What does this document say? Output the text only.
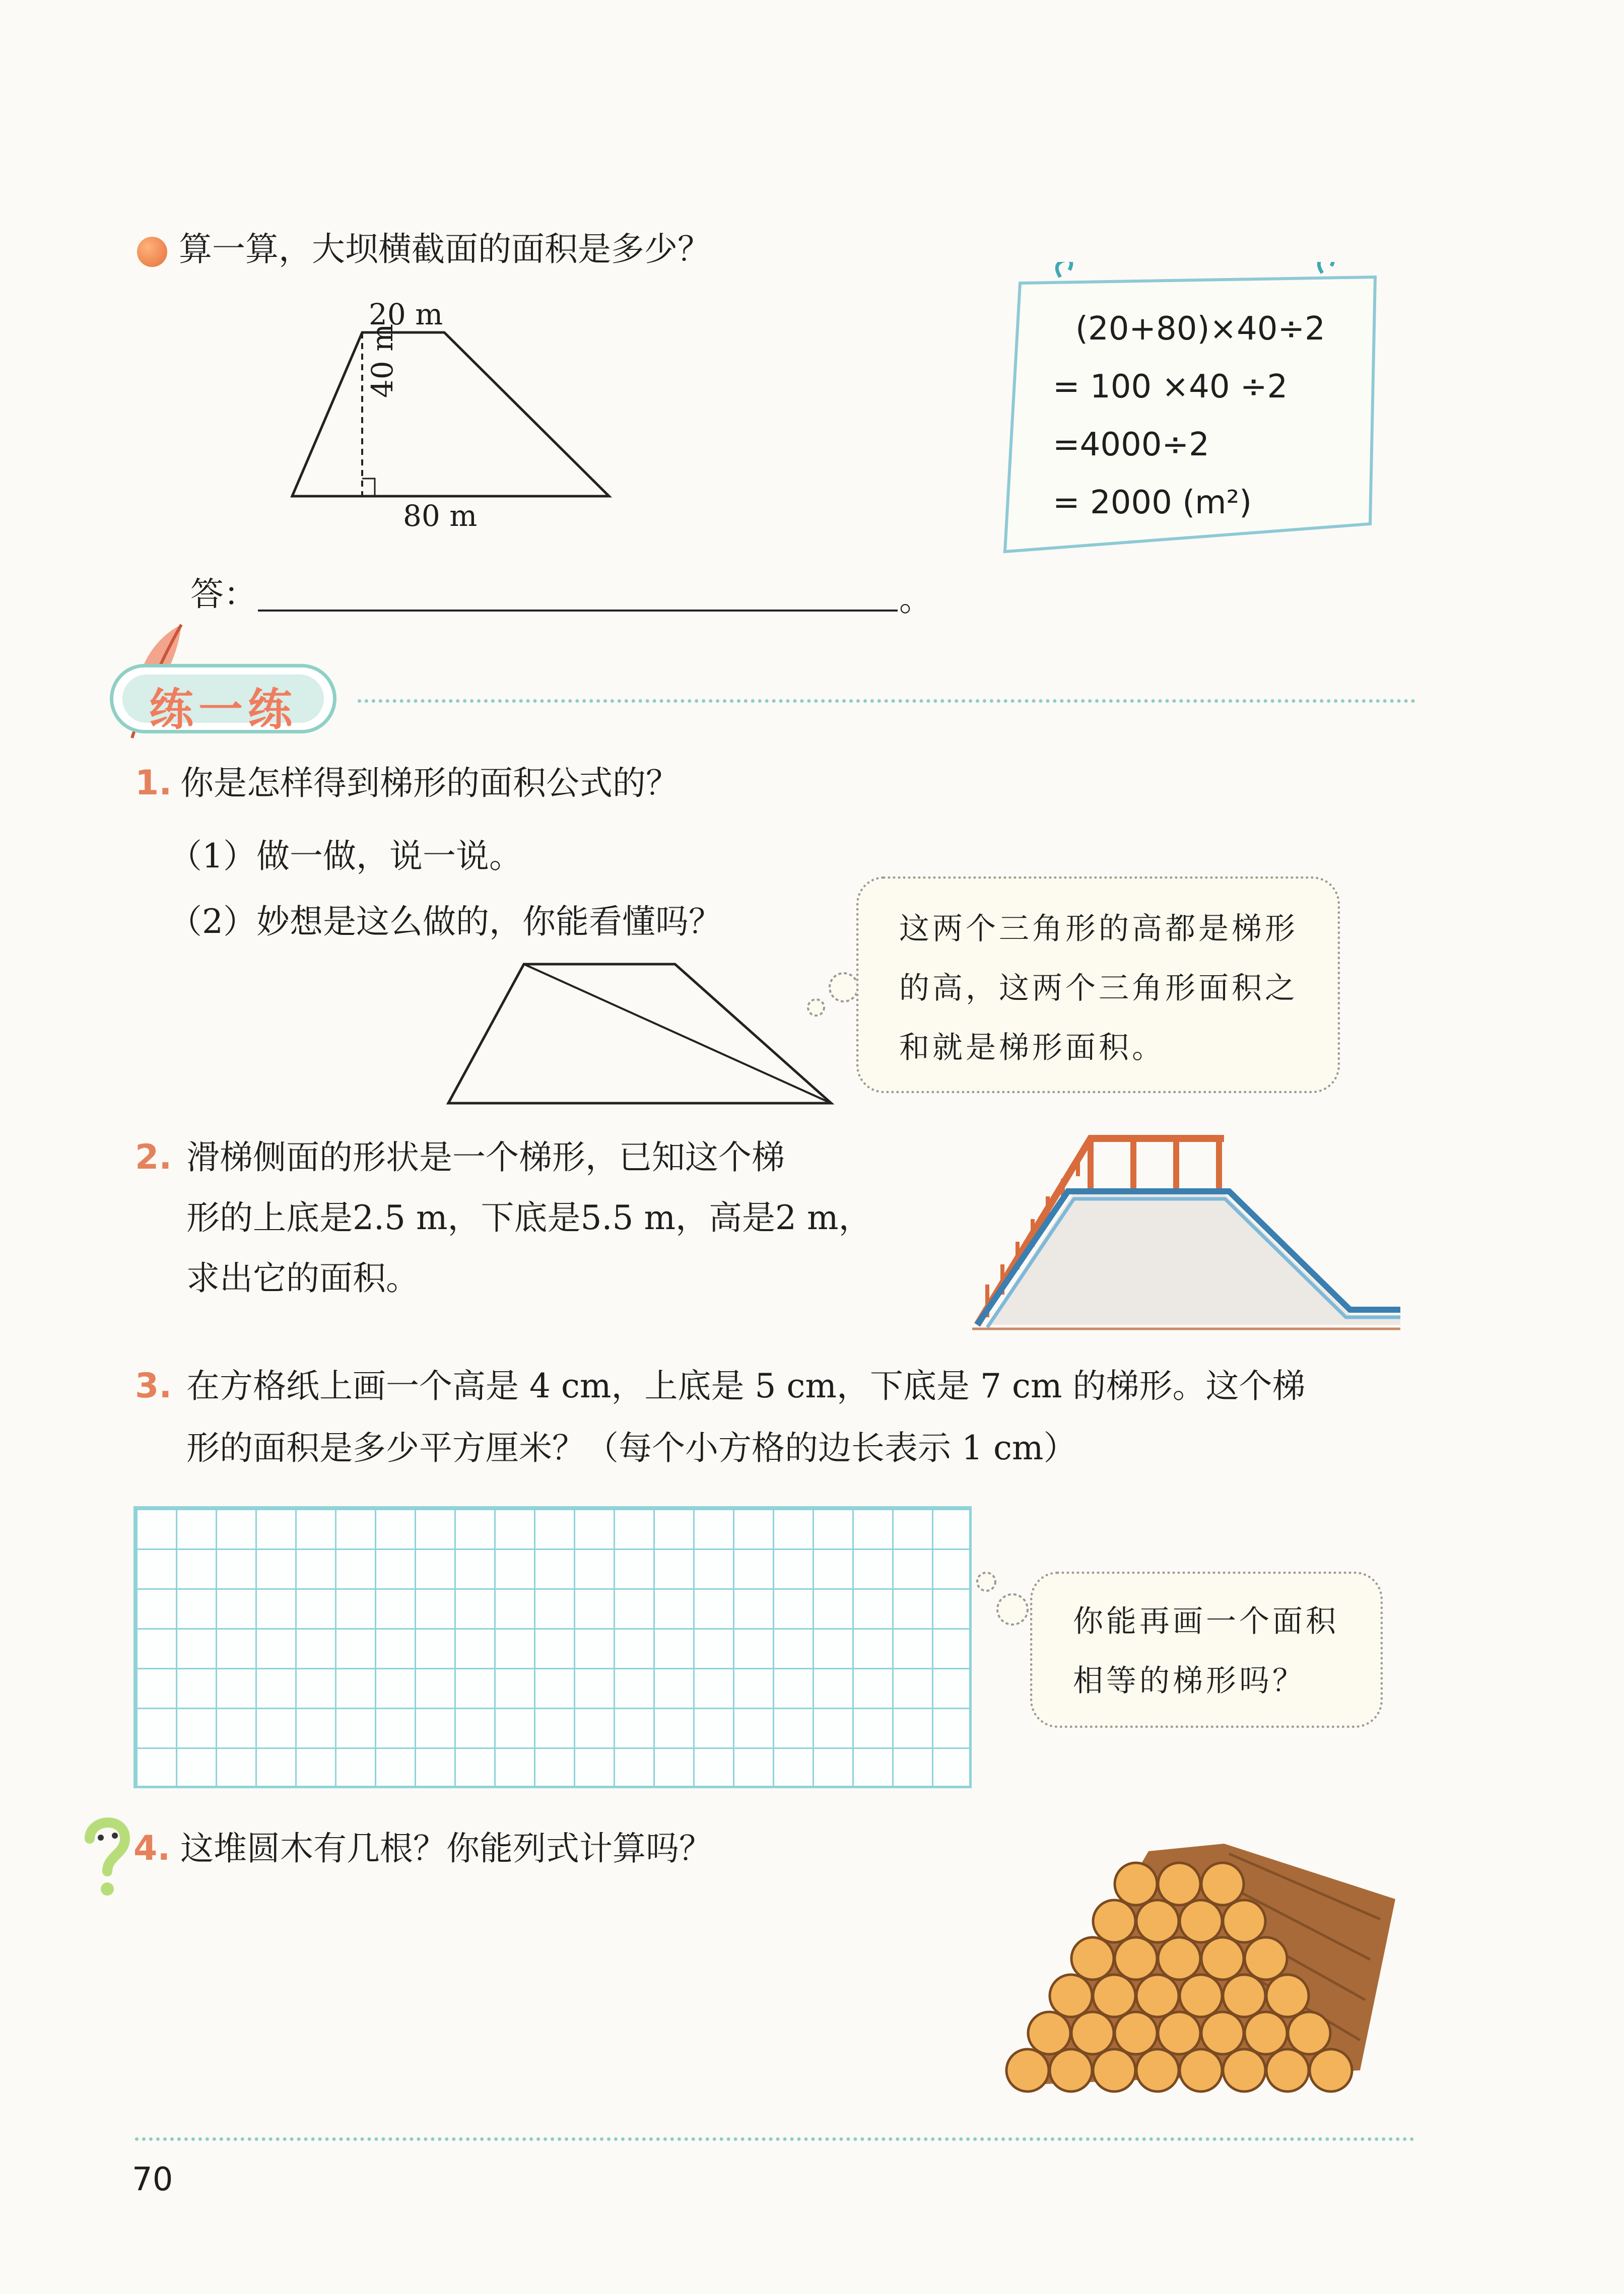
算一算，大坝横截面的面积是多少？
20 m
40 m
80 m
(20+80)×40÷2
= 100 ×40 ÷2
=4000÷2
= 2000 (m²)
答：	。
练一练
1. 你是怎样得到梯形的面积公式的？
（1）做一做，说一说。
（2）妙想是这么做的，你能看懂吗？	这两个三角形的高都是梯形
的高，这两个三角形面积之
和就是梯形面积。
2. 滑梯侧面的形状是一个梯形，已知这个梯
形的上底是2.5 m，下底是5.5 m，高是2 m，
求出它的面积。
3. 在方格纸上画一个高是 4 cm，上底是 5 cm，下底是 7 cm 的梯形。这个梯
形的面积是多少平方厘米？（每个小方格的边长表示 1 cm）
你能再画一个面积
相等的梯形吗？
4. 这堆圆木有几根？你能列式计算吗？
70
